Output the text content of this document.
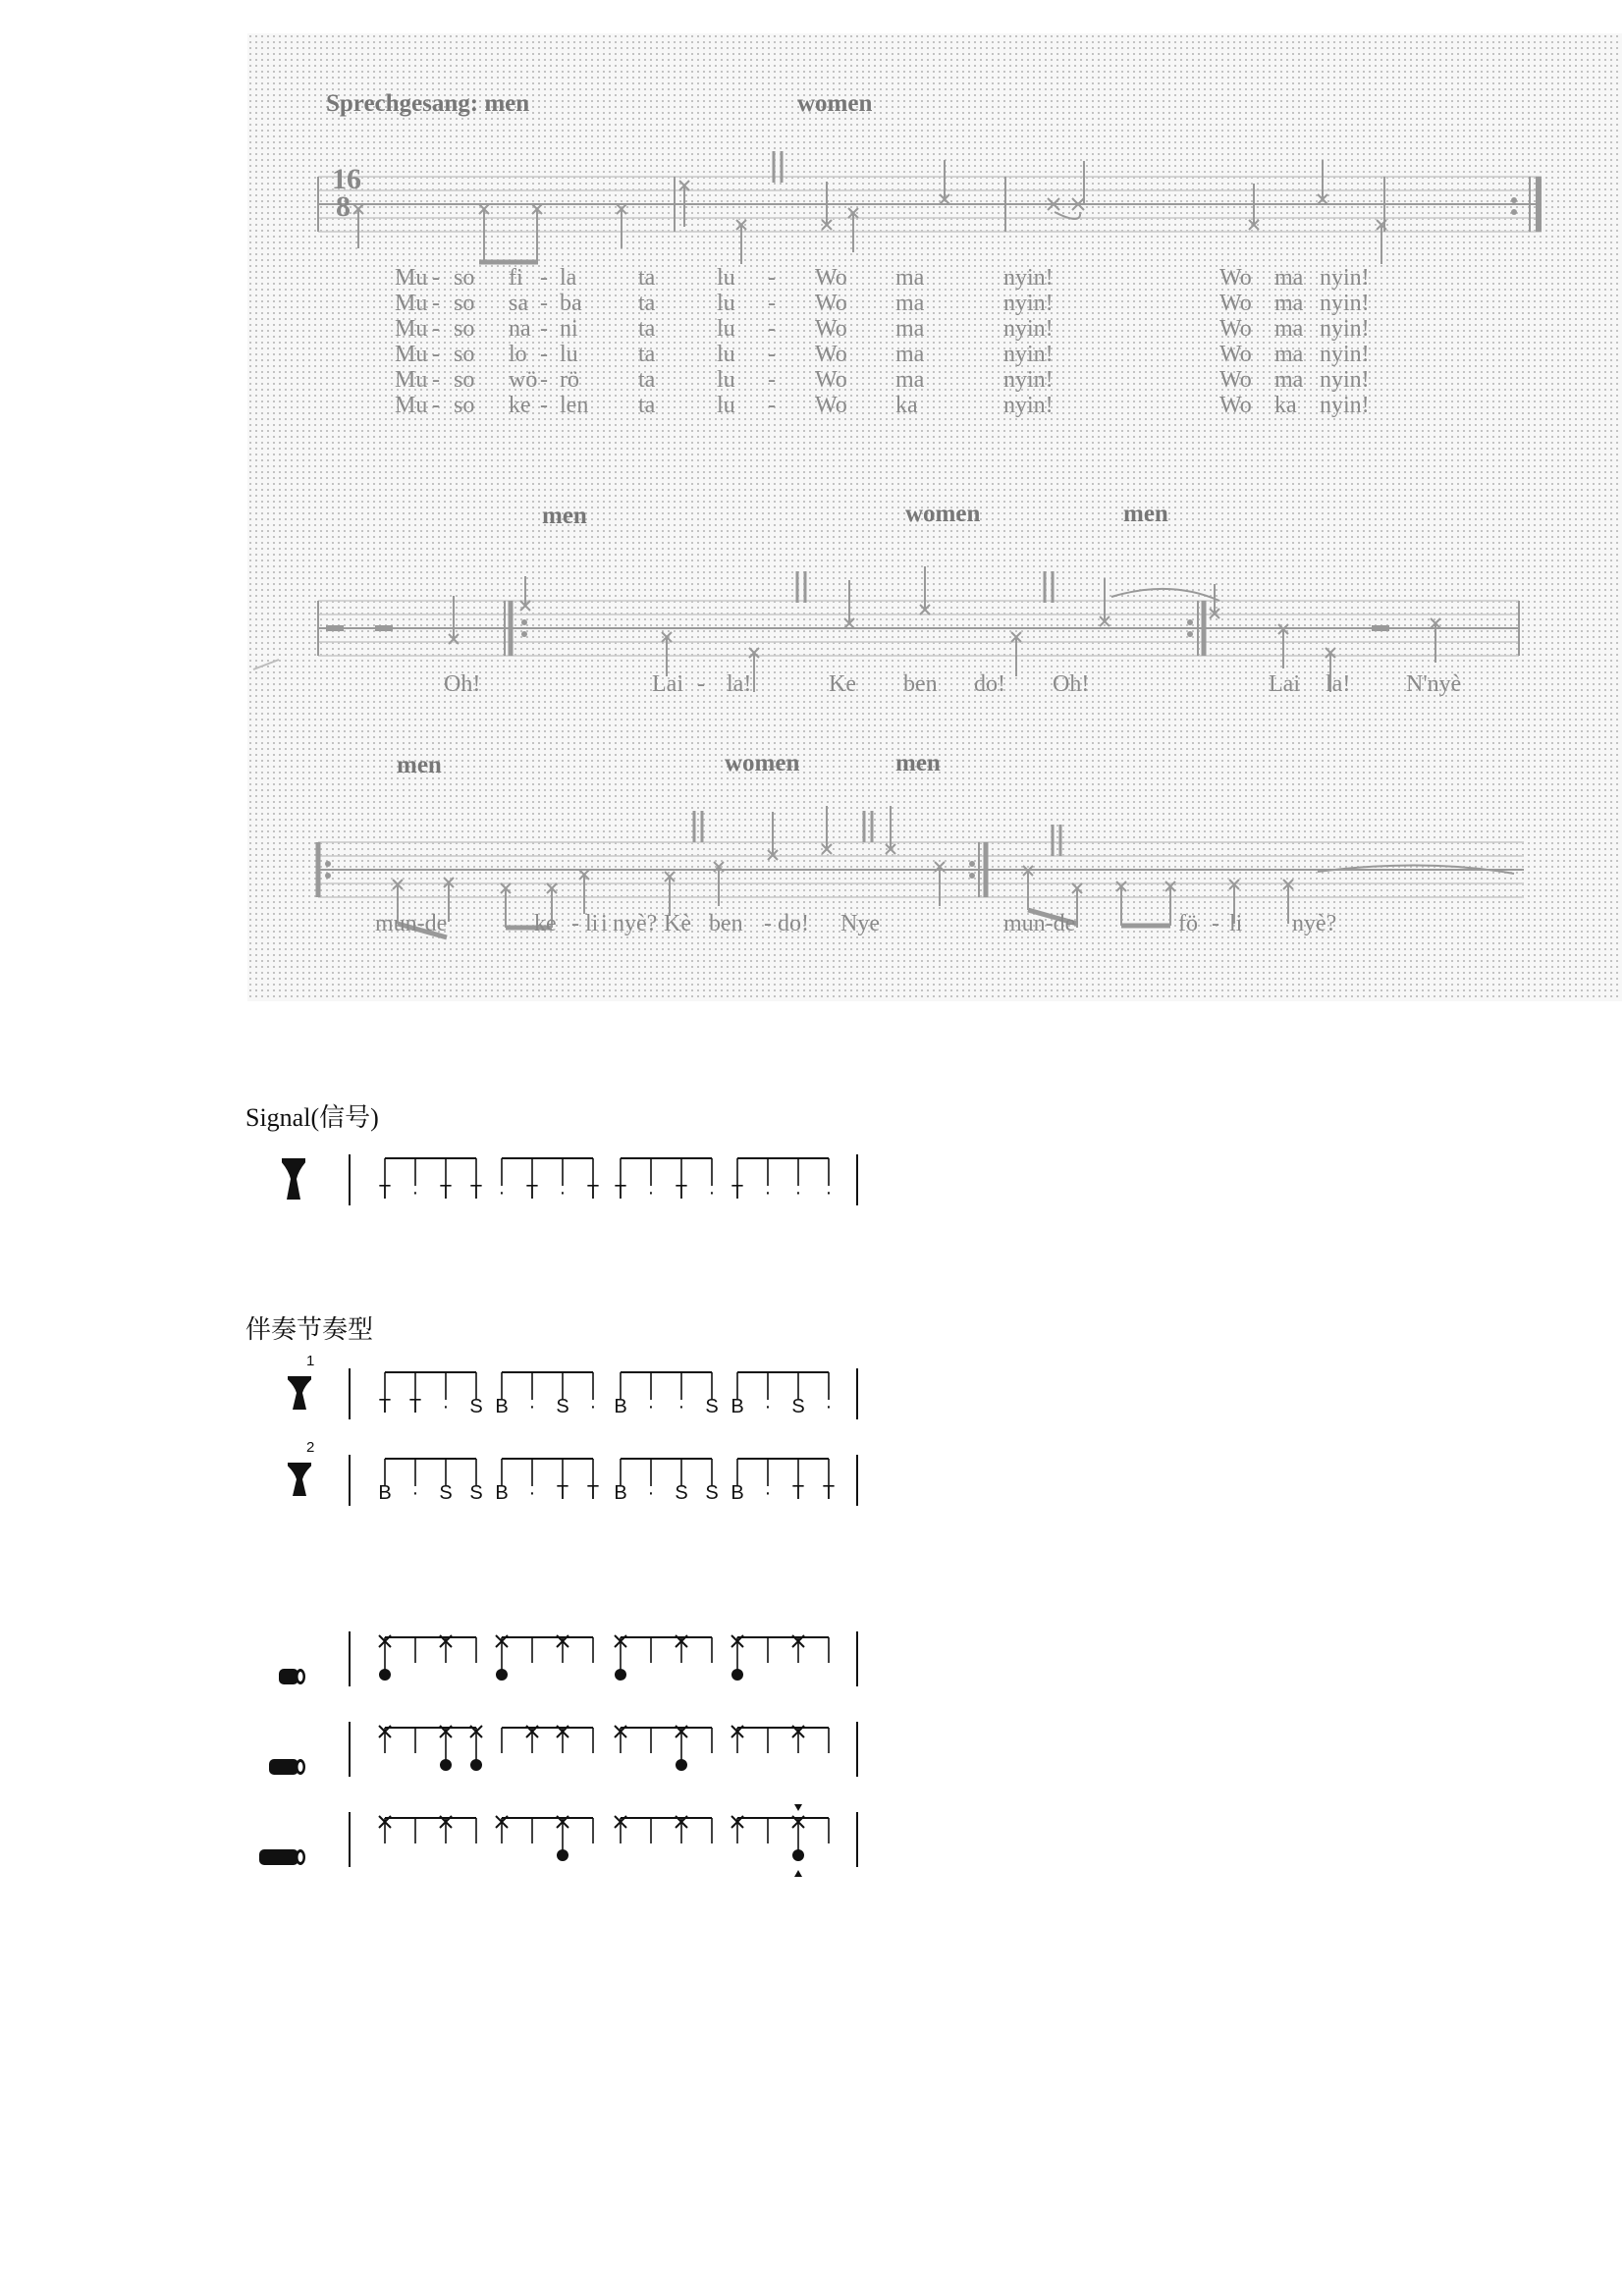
16
8
Sprechgesang: men	women
men	women	men
men	women	men
Mu - so fi - la	ta	lu - Wo ma	nyin!	Wo ma nyin!
Mu - so sa - ba ta	lu - Wo ma	nyin!	Wo ma nyin!
Mu - so na - ni	ta	lu - Wo ma	nyin!	Wo ma nyin!
Mu - so lo - lu	ta	lu - Wo ma	nyin!	Wo ma nyin!
Mu - so wö - rö	ta	lu - Wo ma	nyin!	Wo ma nyin!
Mu - so ke - len ta	lu - Wo ka	nyin!	Wo ka nyin!
Oh!	Lai - la!	Ke ben do! Oh!	Lai la! N'nyè
mun-de	ke - li i nyè? Kè ben - do! Nye	mun-de	fö - li nyè?
Signal(信号)
T	·	T T ·	T	·	T T	·	T	· T	·	·	·
伴奏节奏型
1
T T	·	S B	·	S	· B	·	·	S B	·	S	·
2
B	·	S S B	·	T T B	·	S S B	·	T T
